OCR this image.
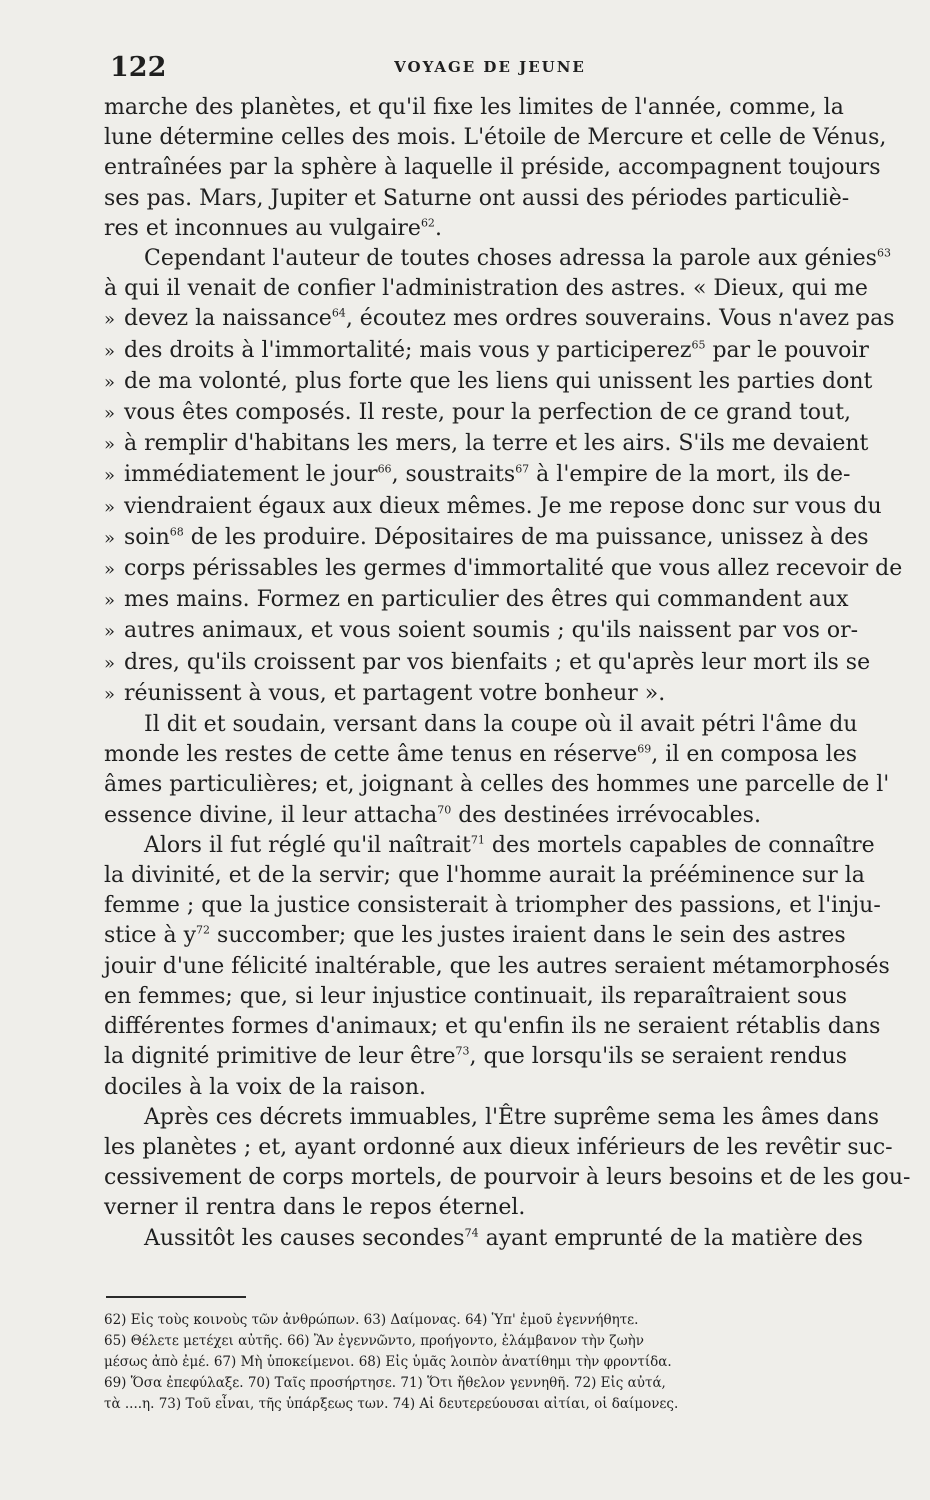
122	VOYAGE DE JEUNE

marche des planètes, et qu'il fixe les limites de l'année, comme, la
lune détermine celles des mois. L'étoile de Mercure et celle de Vénus,
entraînées par la sphère à laquelle il préside, accompagnent toujours
ses pas. Mars, Jupiter et Saturne ont aussi des périodes particuliè-
res et inconnues au vulgaire$^{62}$.

Cependant l'auteur de toutes choses adressa la parole aux génies$^{63}$
à qui il venait de confier l'administration des astres. « Dieux, qui me
» devez la naissance$^{64}$, écoutez mes ordres souverains. Vous n'avez pas
» des droits à l'immortalité; mais vous y participerez$^{65}$ par le pouvoir
» de ma volonté, plus forte que les liens qui unissent les parties dont
» vous êtes composés. Il reste, pour la perfection de ce grand tout,
» à remplir d'habitans les mers, la terre et les airs. S'ils me devaient
» immédiatement le jour$^{66}$, soustraits$^{67}$ à l'empire de la mort, ils de-
» viendraient égaux aux dieux mêmes. Je me repose donc sur vous du
» soin$^{68}$ de les produire. Dépositaires de ma puissance, unissez à des
» corps périssables les germes d'immortalité que vous allez recevoir de
» mes mains. Formez en particulier des êtres qui commandent aux
» autres animaux, et vous soient soumis ; qu'ils naissent par vos or-
» dres, qu'ils croissent par vos bienfaits ; et qu'après leur mort ils se
» réunissent à vous, et partagent votre bonheur ».

Il dit et soudain, versant dans la coupe où il avait pétri l'âme du
monde les restes de cette âme tenus en réserve$^{69}$, il en composa les
âmes particulières; et, joignant à celles des hommes une parcelle de l'
essence divine, il leur attacha$^{70}$ des destinées irrévocables.

Alors il fut réglé qu'il naîtrait$^{71}$ des mortels capables de connaître
la divinité, et de la servir; que l'homme aurait la prééminence sur la
femme ; que la justice consisterait à triompher des passions, et l'inju-
stice à $y^{72}$ succomber; que les justes iraient dans le sein des astres
jouir d'une félicité inaltérable, que les autres seraient métamorphosés
en femmes; que, si leur injustice continuait, ils reparaîtraient sous
différentes formes d'animaux; et qu'enfin ils ne seraient rétablis dans
la dignité primitive de leur être$^{73}$, que lorsqu'ils se seraient rendus
dociles à la voix de la raison.

Après ces décrets immuables, l'Être suprême sema les âmes dans
les planètes ; et, ayant ordonné aux dieux inférieurs de les revêtir suc-
cessivement de corps mortels, de pourvoir à leurs besoins et de les gou-
verner il rentra dans le repos éternel.

Aussitôt les causes secondes$^{74}$ ayant emprunté de la matière des

62) Εἰς τοὺς κοινοὺς τῶν ἀνθρώπων. 63) Δαίμονας. 64) Ὑπ' ἐμοῦ ἐγεννήθητε.
65) Θέλετε μετέχει αὐτῆς. 66) Ἂν ἐγεννῶντο, προήγοντο, ἐλάμβανον τὴν ζωὴν
μέσως ἀπὸ ἐμέ. 67) Μὴ ὑποκείμενοι. 68) Εἰς ὑμᾶς λοιπὸν ἀνατίθημι τὴν φροντίδα.
69) Ὅσα ἐπεφύλαξε. 70) Ταῖς προσήρτησε. 71) Ὅτι ἤθελον γεννηθῆ. 72) Εἰς αὐτά,
τὰ ....η. 73) Τοῦ εἶναι, τῆς ὑπάρξεως των. 74) Αἱ δευτερεύουσαι αἰτίαι, οἱ δαίμονες.
